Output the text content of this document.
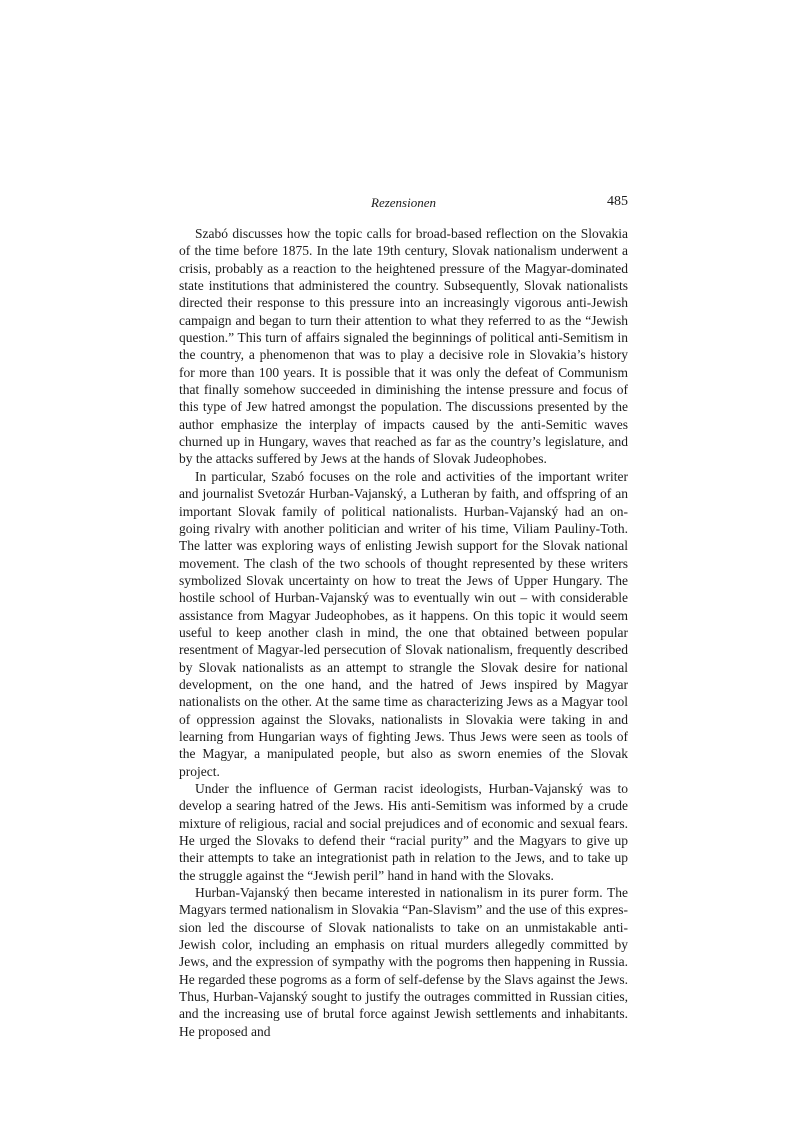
Rezensionen	485

Szabó discusses how the topic calls for broad-based reflection on the Slovakia of the time before 1875. In the late 19th century, Slovak nationalism underwent a crisis, probably as a reaction to the heightened pressure of the Magyar-dominated state institutions that administered the country. Subsequently, Slovak nationalists directed their response to this pressure into an increasingly vigorous anti-Jewish campaign and began to turn their attention to what they referred to as the “Jewish question.” This turn of affairs signaled the beginnings of political anti-Semitism in the country, a phenomenon that was to play a decisive role in Slovakia’s history for more than 100 years. It is possible that it was only the defeat of Communism that finally somehow succeeded in diminishing the intense pressure and focus of this type of Jew hatred amongst the population. The discussions presented by the author emphasize the interplay of impacts caused by the anti-Semitic waves churned up in Hungary, waves that reached as far as the country’s legislature, and by the attacks suffered by Jews at the hands of Slovak Judeophobes.

In particular, Szabó focuses on the role and activities of the important writer and journalist Svetozár Hurban-Vajanský, a Lutheran by faith, and offspring of an important Slovak family of political nationalists. Hurban-Vajanský had an on-going rivalry with another politician and writer of his time, Viliam Pauliny-Toth. The latter was exploring ways of enlisting Jewish support for the Slovak national movement. The clash of the two schools of thought represented by these writers symbolized Slovak uncertainty on how to treat the Jews of Upper Hungary. The hostile school of Hurban-Vajanský was to eventually win out – with considerable assistance from Magyar Judeophobes, as it happens. On this topic it would seem useful to keep another clash in mind, the one that obtained between popular resentment of Magyar-led persecution of Slovak nationalism, frequently described by Slovak nationalists as an attempt to strangle the Slovak desire for national development, on the one hand, and the hatred of Jews inspired by Magyar nationalists on the other. At the same time as characterizing Jews as a Magyar tool of oppression against the Slovaks, nationalists in Slovakia were taking in and learning from Hungarian ways of fighting Jews. Thus Jews were seen as tools of the Magyar, a manipulated people, but also as sworn enemies of the Slovak project.

Under the influence of German racist ideologists, Hurban-Vajanský was to develop a searing hatred of the Jews. His anti-Semitism was informed by a crude mixture of religious, racial and social prejudices and of economic and sexual fears. He urged the Slovaks to defend their “racial purity” and the Magyars to give up their attempts to take an integrationist path in relation to the Jews, and to take up the struggle against the “Jewish peril” hand in hand with the Slovaks.

Hurban-Vajanský then became interested in nationalism in its purer form. The Magyars termed nationalism in Slovakia “Pan-Slavism” and the use of this expression led the discourse of Slovak nationalists to take on an unmistakable anti-Jewish color, including an emphasis on ritual murders allegedly committed by Jews, and the expression of sympathy with the pogroms then happening in Russia. He regarded these pogroms as a form of self-defense by the Slavs against the Jews. Thus, Hurban-Vajanský sought to justify the outrages committed in Russian cities, and the increasing use of brutal force against Jewish settlements and inhabitants. He proposed and
